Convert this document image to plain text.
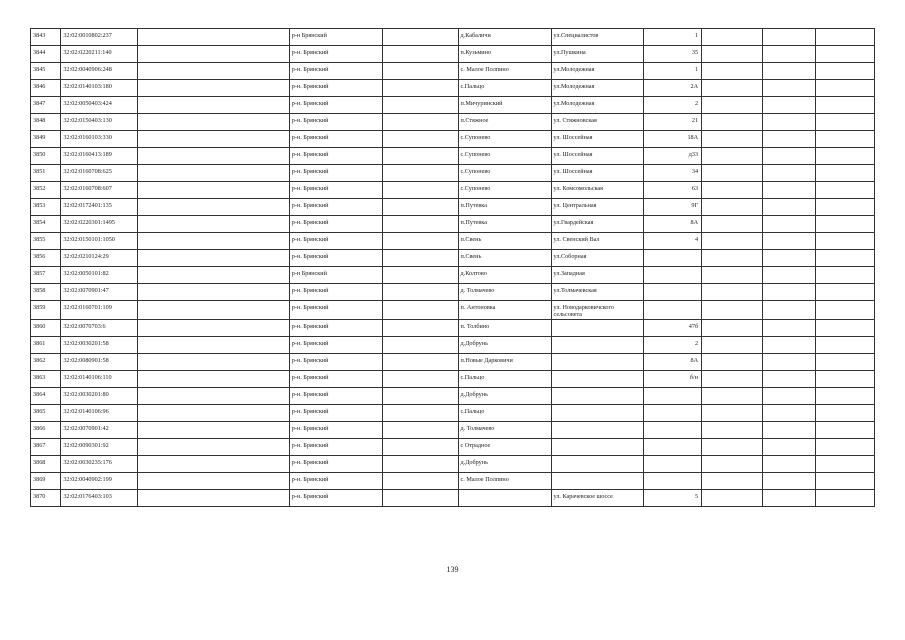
3843	32:02:0010802:237		р-н Брянский		д.Кабаличи	ул.Специалистов	1			
3844	32:02:0220211:140		р-н. Брянский		п.Кузьмино	ул.Пушкина	35			
3845	32:02:0040906:248		р-н. Брянский		с. Малое Полпино	ул.Молодежная	1			
3846	32:02:0140103:180		р-н. Брянский		с.Пальцо	ул.Молодежная	2А			
3847	32:02:0050403:424		р-н. Брянский		п.Мичуринский	ул.Молодежная	2			
3848	32:02:0150403:130		р-н. Брянский		п.Стяжное	ул. Стяжновская	21			
3849	32:02:0160103:330		р-н. Брянский		с.Супонево	ул. Шоссейная	18А			
3850	32:02:0160413:189		р-н. Брянский		с.Супонево	ул. Шоссейная	д33			
3851	32:02:0160708:625		р-н. Брянский		с.Супонево	ул. Шоссейная	34			
3852	32:02:0160708:607		р-н. Брянский		с.Супонево	ул. Комсомольская	63			
3853	32:02:0172401:135		р-н. Брянский		п.Путевка	ул. Центральная	9Г			
3854	32:02:0220301:1495		р-н. Брянский		п.Путевка	ул.Гвардейская	8А			
3855	32:02:0150101:1050		р-н. Брянский		п.Свень	ул. Свенский Вал	4			
3856	32:02:0210124:29		р-н. Брянский		п.Свень	ул.Соборная				
3857	32:02:0050101:82		р-н Брянский		д.Колтово	ул.Западная				
3858	32:02:0070901:47		р-н. Брянский		д. Толмачево	ул.Толмачевская				
3859	32:02:0160701:109		р-н. Брянский		п. Антоновка	ул. Новодарковичского сельсовета				
3860	32:02:0070703:6		р-н. Брянский		п. Толбино		47б			
3861	32:02:0030201:58		р-н. Брянский		д.Добрунь		2			
3862	32:02:0080901:58		р-н. Брянский		п.Новые Дарковичи		8А			
3863	32:02:0140106:110		р-н. Брянский		с.Пальцо		б/н			
3864	32:02:0030201:80		р-н. Брянский		д.Добрунь					
3865	32:02:0140106:96		р-н. Брянский		с.Пальцо					
3866	32:02:0070901:42		р-н. Брянский		д. Толмачево					
3867	32:02:0090301:92		р-н. Брянский		с Отрадное					
3868	32:02:0030235:176		р-н. Брянский		д.Добрунь					
3869	32:02:0040902:199		р-н. Брянский		с. Малое Полпино					
3870	32:02:0176403:103		р-н. Брянский			ул. Карачевское шоссе	5			
139
